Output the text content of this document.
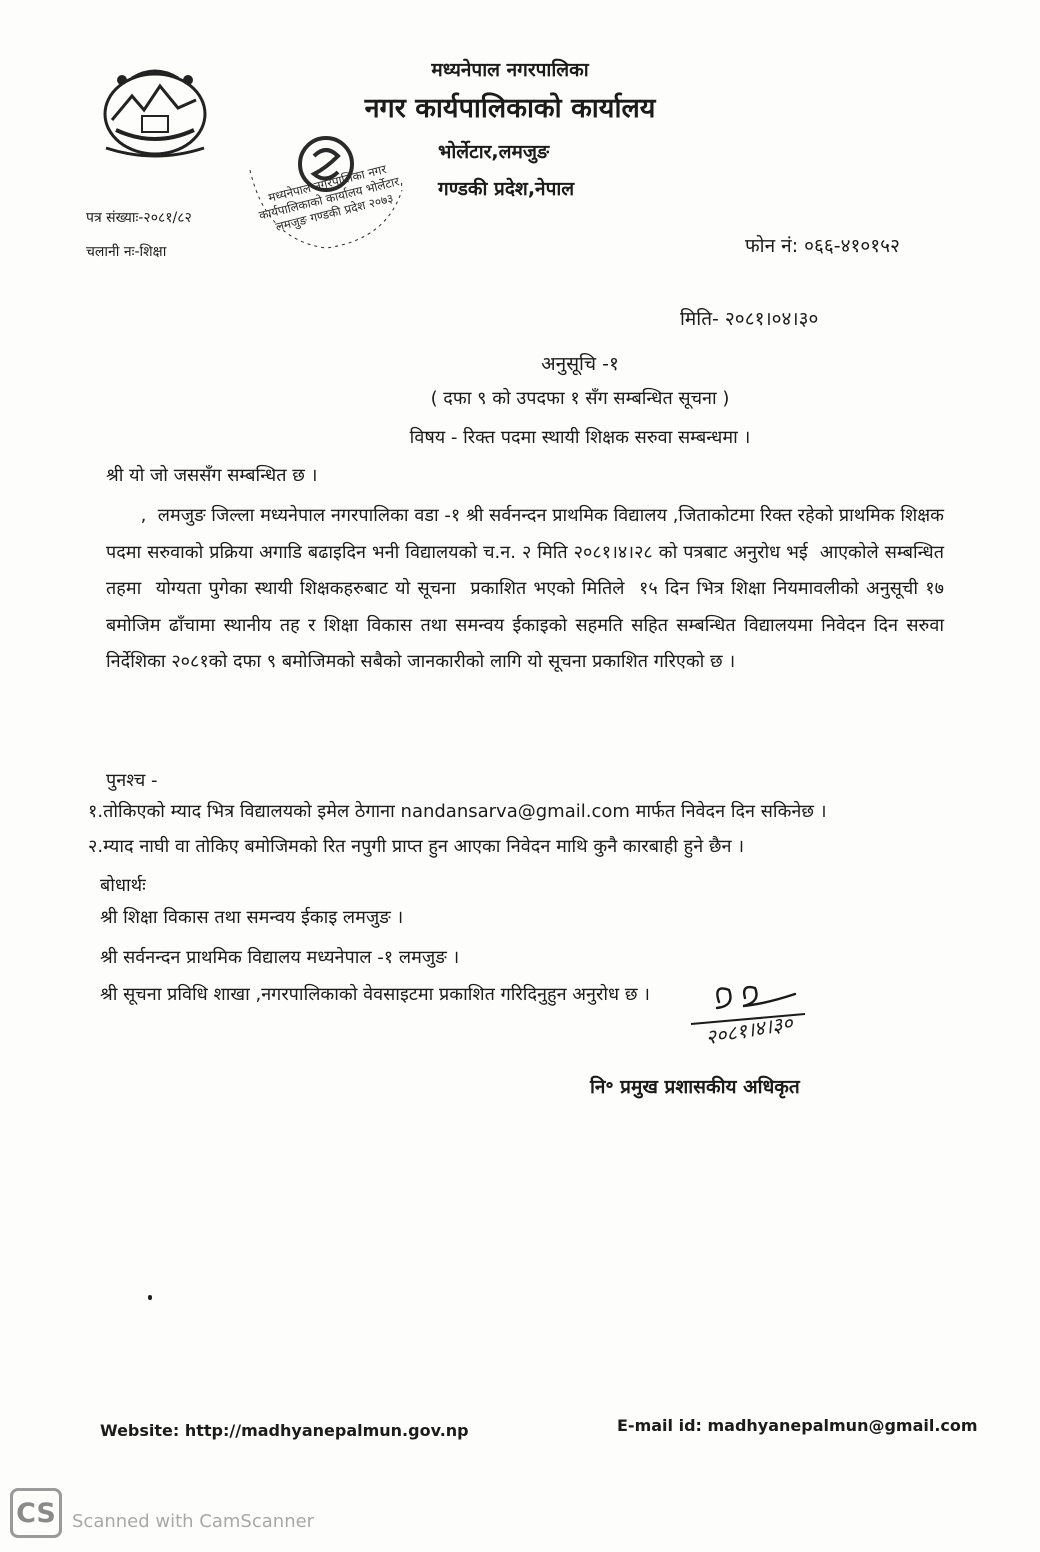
मध्यनेपाल नगरपालिका नगर कार्यपालिकाको कार्यालय भोर्लेटार, लमजुङ गण्डकी प्रदेश २०७३
मध्यनेपाल नगरपालिका
नगर कार्यपालिकाको कार्यालय
भोर्लेटार,लमजुङ
गण्डकी प्रदेश,नेपाल
पत्र संख्याः-२०८१/८२
चलानी नः-शिक्षा	फोन नं: ०६६-४१०१५२
मिति- २०८१।०४।३०
अनुसूचि -१
( दफा ९ को उपदफा १ सँग सम्बन्धित सूचना )
विषय - रिक्त पदमा स्थायी शिक्षक सरुवा सम्बन्धमा ।
श्री यो जो जससँग सम्बन्धित छ ।
‚  लमजुङ जिल्ला मध्यनेपाल नगरपालिका वडा -१ श्री सर्वनन्दन प्राथमिक विद्यालय ,जिताकोटमा रिक्त रहेको प्राथमिक शिक्षक पदमा सरुवाको प्रक्रिया अगाडि बढाइदिन भनी विद्यालयको च.न. २ मिति २०८१।४।२८ को पत्रबाट अनुरोध भई  आएकोले सम्बन्धित तहमा  योग्यता पुगेका स्थायी शिक्षकहरुबाट यो सूचना  प्रकाशित भएको मितिले  १५ दिन भित्र शिक्षा नियमावलीको अनुसूची १७ बमोजिम ढाँचामा स्थानीय तह र शिक्षा विकास तथा समन्वय ईकाइको सहमति सहित सम्बन्धित विद्यालयमा निवेदन दिन सरुवा निर्देशिका २०८१को दफा ९ बमोजिमको सबैको जानकारीको लागि यो सूचना प्रकाशित गरिएको छ ।
पुनश्च -
१.तोकिएको म्याद भित्र विद्यालयको इमेल ठेगाना nandansarva@gmail.com मार्फत निवेदन दिन सकिनेछ ।
२.म्याद नाघी वा तोकिए बमोजिमको रित नपुगी प्राप्त हुन आएका निवेदन माथि कुनै कारबाही हुने छैन ।
बोधार्थः
श्री शिक्षा विकास तथा समन्वय ईकाइ लमजुङ ।
श्री सर्वनन्दन प्राथमिक विद्यालय मध्यनेपाल -१ लमजुङ ।
श्री सूचना प्रविधि शाखा ,नगरपालिकाको वेवसाइटमा प्रकाशित गरिदिनुहुन अनुरोध छ ।
२०८१।४।३०
नि॰ प्रमुख प्रशासकीय अधिकृत
Website: http://madhyanepalmun.gov.np	E-mail id: madhyanepalmun@gmail.com
CS Scanned with CamScanner
